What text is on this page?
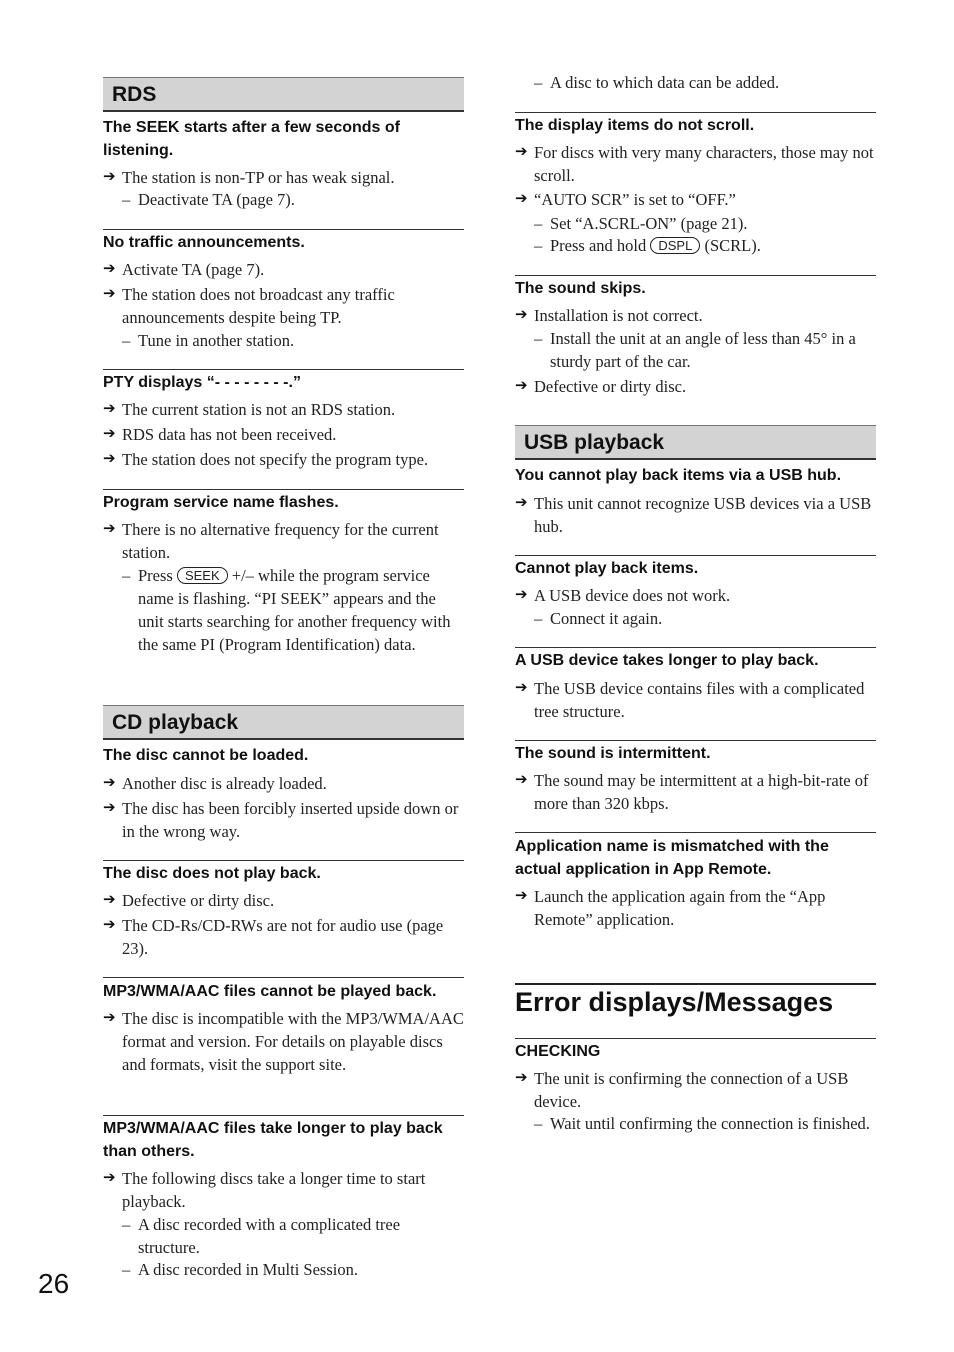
RDS
The SEEK starts after a few seconds of listening.
➔ The station is non-TP or has weak signal.
– Deactivate TA (page 7).
No traffic announcements.
➔ Activate TA (page 7).
➔ The station does not broadcast any traffic announcements despite being TP.
– Tune in another station.
PTY displays “- - - - - - - -.”
➔ The current station is not an RDS station.
➔ RDS data has not been received.
➔ The station does not specify the program type.
Program service name flashes.
➔ There is no alternative frequency for the current station.
– Press SEEK +/– while the program service name is flashing. “PI SEEK” appears and the unit starts searching for another frequency with the same PI (Program Identification) data.
CD playback
The disc cannot be loaded.
➔ Another disc is already loaded.
➔ The disc has been forcibly inserted upside down or in the wrong way.
The disc does not play back.
➔ Defective or dirty disc.
➔ The CD-Rs/CD-RWs are not for audio use (page 23).
MP3/WMA/AAC files cannot be played back.
➔ The disc is incompatible with the MP3/WMA/AAC format and version. For details on playable discs and formats, visit the support site.
MP3/WMA/AAC files take longer to play back than others.
➔ The following discs take a longer time to start playback.
– A disc recorded with a complicated tree structure.
– A disc recorded in Multi Session.
– A disc to which data can be added.
The display items do not scroll.
➔ For discs with very many characters, those may not scroll.
➔ “AUTO SCR” is set to “OFF.”
– Set “A.SCRL-ON” (page 21).
– Press and hold DSPL (SCRL).
The sound skips.
➔ Installation is not correct.
– Install the unit at an angle of less than 45° in a sturdy part of the car.
➔ Defective or dirty disc.
USB playback
You cannot play back items via a USB hub.
➔ This unit cannot recognize USB devices via a USB hub.
Cannot play back items.
➔ A USB device does not work.
– Connect it again.
A USB device takes longer to play back.
➔ The USB device contains files with a complicated tree structure.
The sound is intermittent.
➔ The sound may be intermittent at a high-bit-rate of more than 320 kbps.
Application name is mismatched with the actual application in App Remote.
➔ Launch the application again from the “App Remote” application.
Error displays/Messages
CHECKING
➔ The unit is confirming the connection of a USB device.
– Wait until confirming the connection is finished.
26
